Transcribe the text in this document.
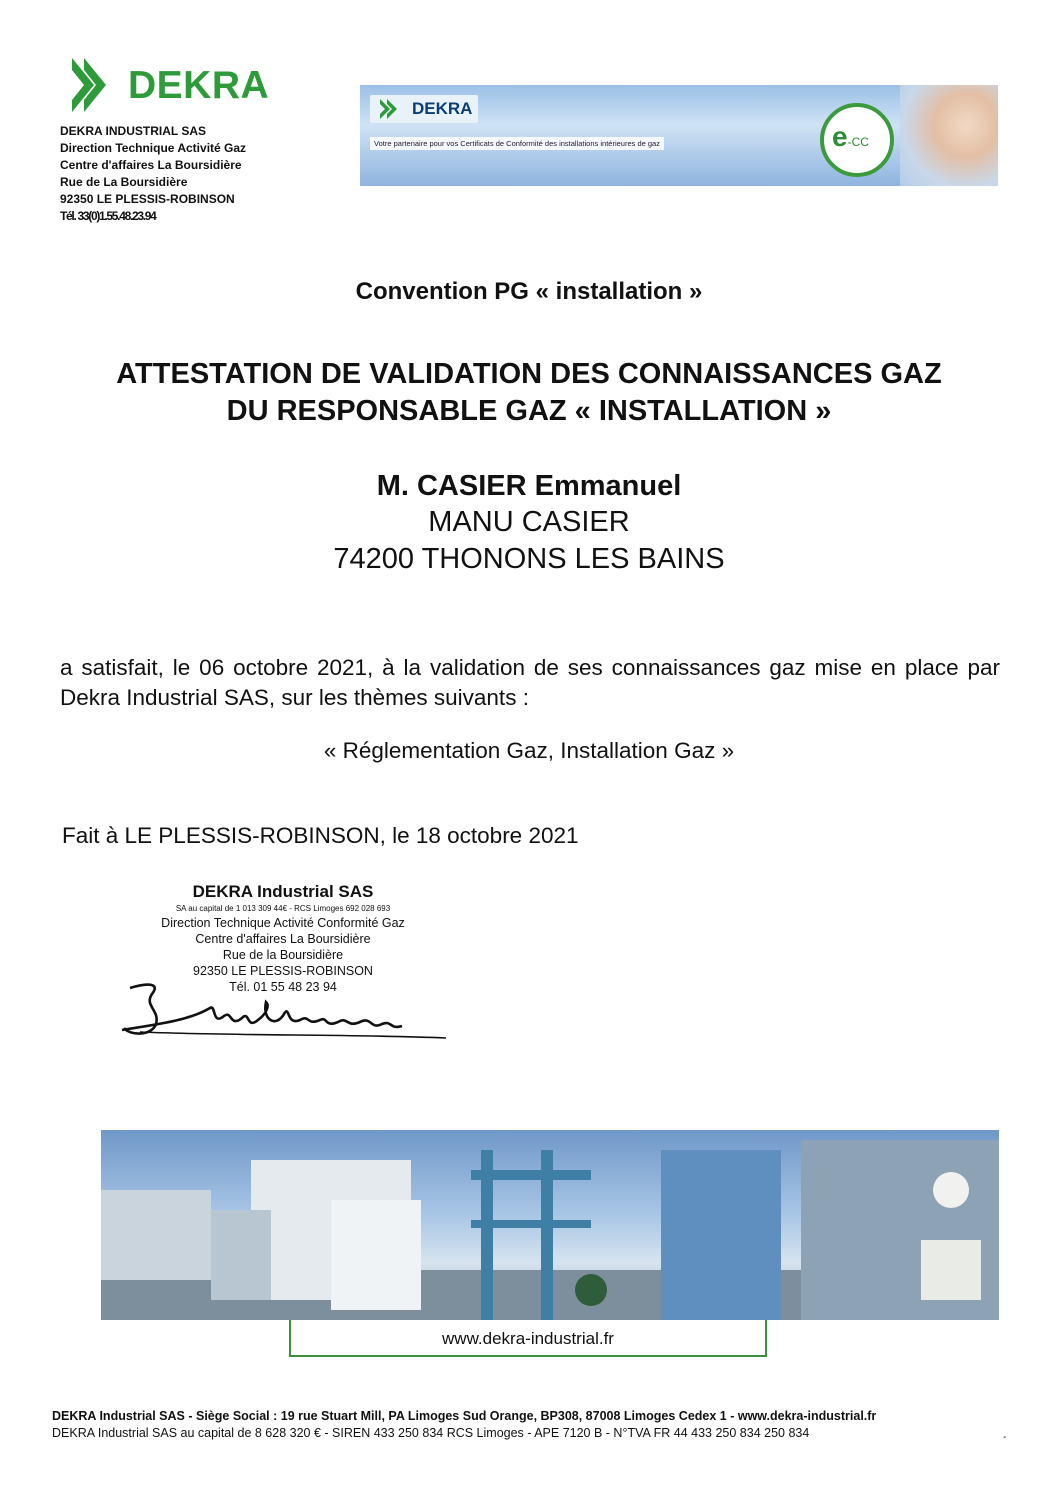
DEKRA
DEKRA INDUSTRIAL SAS
Direction Technique Activité Gaz
Centre d'affaires La Boursidière
Rue de La Boursidière
92350 LE PLESSIS-ROBINSON
Tél. 33(0)1.55.48.23.94
DEKRA
Votre partenaire pour vos Certificats de Conformité des installations intérieures de gaz	e-CC
Convention PG « installation »
ATTESTATION DE VALIDATION DES CONNAISSANCES GAZ
DU RESPONSABLE GAZ « INSTALLATION »
M. CASIER Emmanuel
MANU CASIER
74200 THONONS LES BAINS
a satisfait, le 06 octobre 2021, à la validation de ses connaissances gaz mise en place par Dekra Industrial SAS, sur les thèmes suivants :
« Réglementation Gaz, Installation Gaz »
Fait à LE PLESSIS-ROBINSON, le 18 octobre 2021
DEKRA Industrial SAS
SA au capital de 1 013 309 44€ - RCS Limoges 692 028 693
Direction Technique Activité Conformité Gaz
Centre d'affaires La Boursidière
Rue de la Boursidière
92350 LE PLESSIS-ROBINSON
Tél. 01 55 48 23 94
www.dekra-industrial.fr
DEKRA Industrial SAS - Siège Social : 19 rue Stuart Mill, PA Limoges Sud Orange, BP308, 87008 Limoges Cedex 1 - www.dekra-industrial.fr
DEKRA Industrial SAS au capital de 8 628 320 € - SIREN 433 250 834 RCS Limoges - APE 7120 B - N°TVA FR 44 433 250 834 250 834	-
